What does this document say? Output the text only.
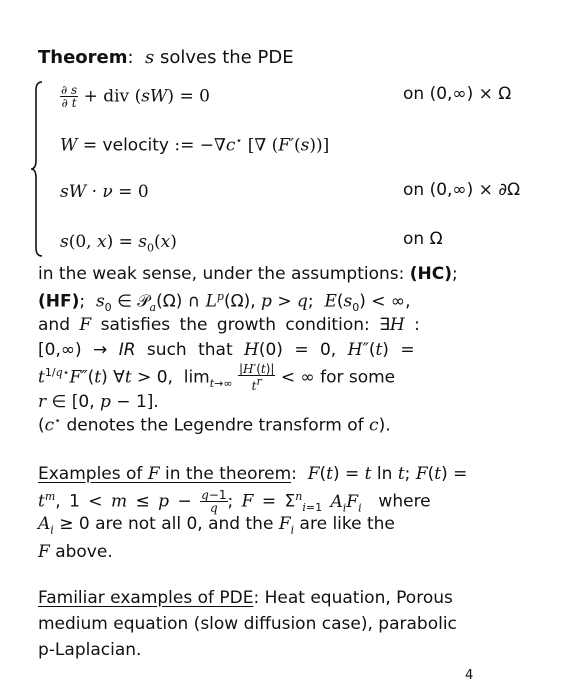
Theorem:  s solves the PDE
$\frac{\partial s}{\partial t}$ + div (sW) = 0	on (0,∞) × Ω
W = velocity := −∇c⋆ [∇ (F′(s))]
sW · ν = 0	on (0,∞) × ∂Ω
s(0, $x) = s_0(x)$	on Ω
in the weak sense, under the assumptions: (HC);
(HF);  $s_0$ ∈ 𝒫$_a$(Ω) ∩ $L^p(\Omega)$, p > q;  $E(s_0)$ < ∞,
and F satisfies the growth condition: ∃H :
[0,∞) → IR such that H(0) = 0, H″(t) =
$t^{1/q⋆}F''(t)$ ∀t > 0,  $\lim_{t\to\infty} \frac{|H'(t)|}{t^r}$ < ∞ for some
r ∈ [0, p − 1].
(c⋆ denotes the Legendre transform of c).
Examples of F in the theorem:  F(t) = t ln t; F(t) =
$t^m$, $1 < m \le p - \frac{q-1}{q}$ ; $F = \Sigma^n_{i=1}$ $A_iF_i$  where
$A_i \ge 0$ are not all 0, and the $F_i$ are like the
F above.
Familiar examples of PDE: Heat equation, Porous
medium equation (slow diffusion case), parabolic
p-Laplacian.
4
